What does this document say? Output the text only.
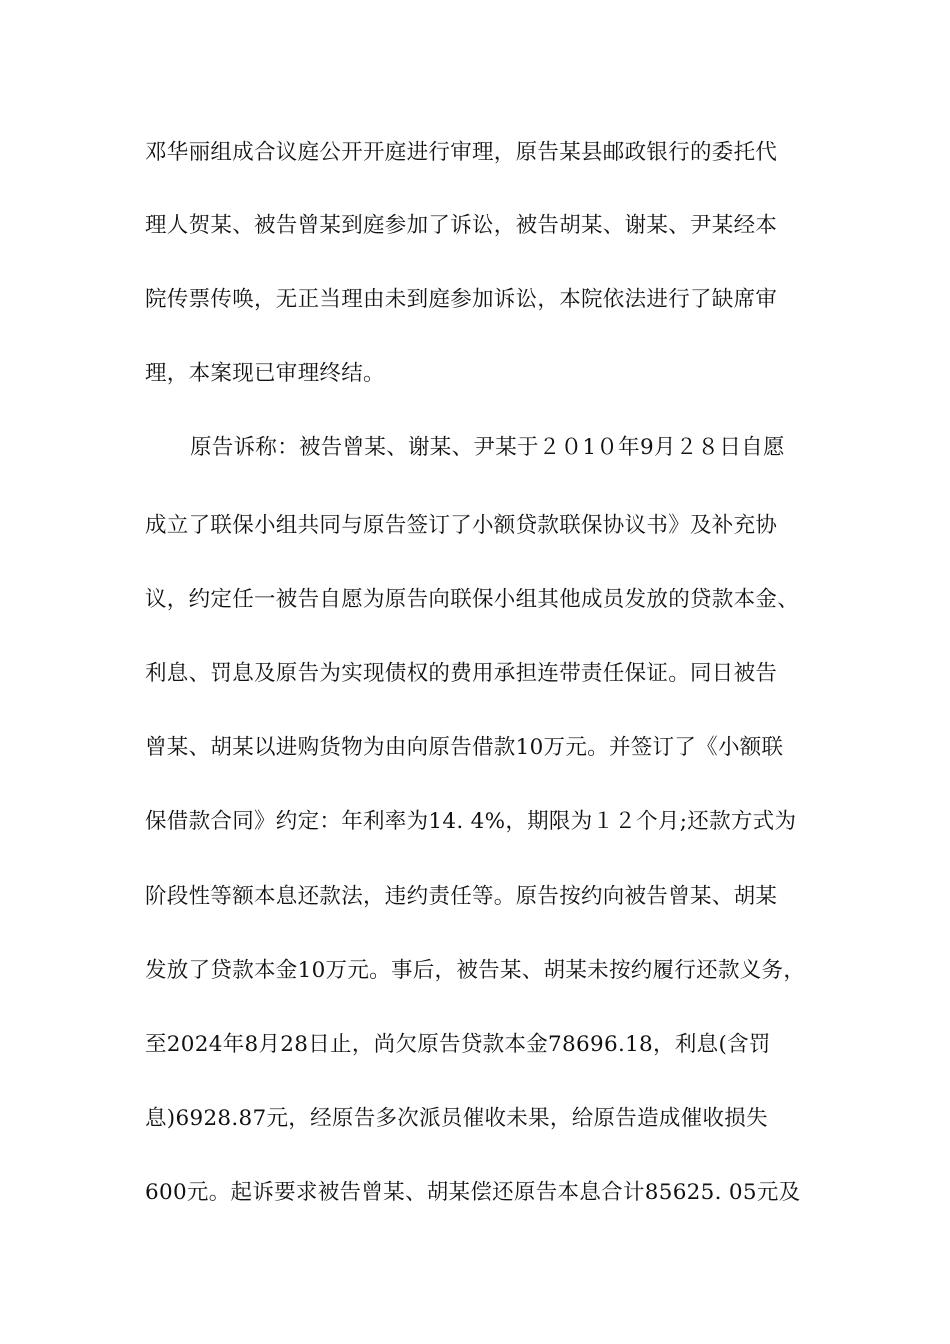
邓华丽组成合议庭公开开庭进行审理，原告某县邮政银行的委托代
理人贺某、被告曾某到庭参加了诉讼，被告胡某、谢某、尹某经本
院传票传唤，无正当理由未到庭参加诉讼，本院依法进行了缺席审
理，本案现已审理终结。
原告诉称：被告曾某、谢某、尹某于２０1０年9月２８日自愿
成立了联保小组共同与原告签订了小额贷款联保协议书》及补充协
议，约定任一被告自愿为原告向联保小组其他成员发放的贷款本金、
利息、罚息及原告为实现债权的费用承担连带责任保证。同日被告
曾某、胡某以进购货物为由向原告借款10万元。并签订了《小额联
保借款合同》约定：年利率为14. 4%，期限为１２个月;还款方式为
阶段性等额本息还款法，违约责任等。原告按约向被告曾某、胡某
发放了贷款本金10万元。事后，被告某、胡某未按约履行还款义务，
至2024年8月28日止，尚欠原告贷款本金78696.18，利息(含罚
息)6928.87元，经原告多次派员催收未果，给原告造成催收损失
600元。起诉要求被告曾某、胡某偿还原告本息合计85625. 05元及
